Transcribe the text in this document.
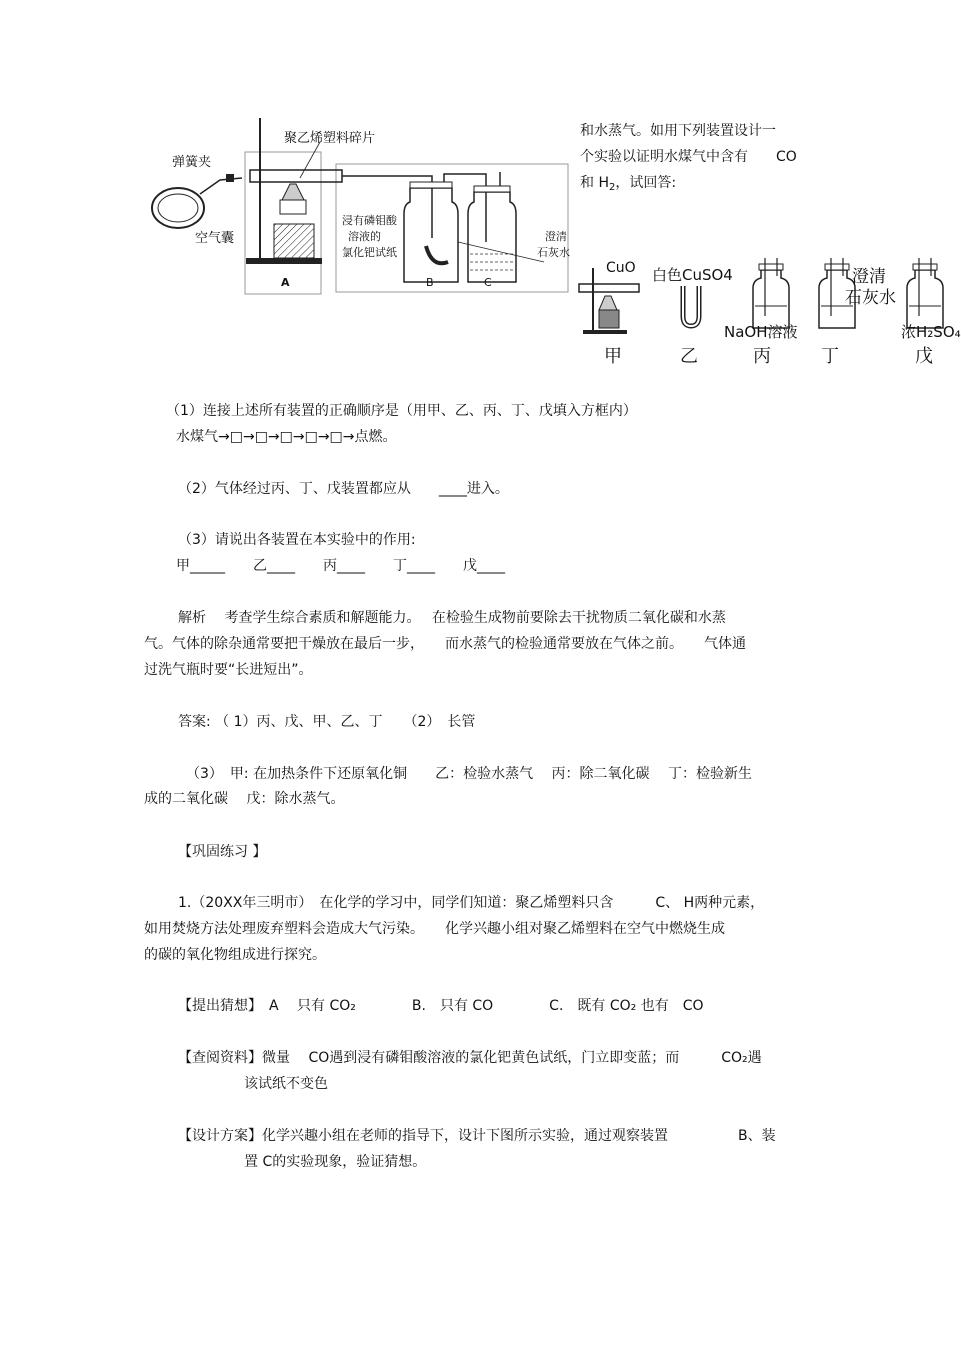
弹簧夹
空气囊
聚乙烯塑料碎片
浸有磷钼酸
溶液的
氯化钯试纸
澄清
石灰水
A	B	C
和水蒸气。如用下列装置设计一
个实验以证明水煤气中含有　　CO
和 $H_2$，试回答:
CuO 白色CuSO4
NaOH溶液
澄清
石灰水
浓H₂SO₄
甲	乙	丙	丁	戊
（1）连接上述所有装置的正确顺序是（用甲、乙、丙、丁、戊填入方框内）
水煤气→□→□→□→□→□→点燃。
（2）气体经过丙、丁、戊装置都应从　　____进入。
（3）请说出各装置在本实验中的作用:
甲_____　　乙____　　丙____　　丁____　　戊____
解析　 考查学生综合素质和解题能力。　 在检验生成物前要除去干扰物质二氧化碳和水蒸
气。气体的除杂通常要把干燥放在最后一步，　　而水蒸气的检验通常要放在气体之前。　　气体通
过洗气瓶时要“长进短出”。
答案: （ 1）丙、戊、甲、乙、丁　　（2）　长管
（3）　甲: 在加热条件下还原氧化铜　　乙：检验水蒸气　 丙：除二氧化碳　 丁：检验新生
成的二氧化碳　 戊：除水蒸气。
【巩固练习 】
1.（20XX年三明市）　在化学的学习中，同学们知道：聚乙烯塑料只含　　　C、 H两种元素，
如用焚烧方法处理废弃塑料会造成大气污染。　　化学兴趣小组对聚乙烯塑料在空气中燃烧生成
的碳的氧化物组成进行探究。
【提出猜想】　A　 只有 CO₂　　　　B.　只有 CO　　　　C.　既有 CO₂ 也有　CO
【查阅资料】微量　 CO遇到浸有磷钼酸溶液的氯化钯黄色试纸，门立即变蓝；而　　　CO₂遇
该试纸不变色
【设计方案】化学兴趣小组在老师的指导下，设计下图所示实验，通过观察装置　　　　　B、装
置 C的实验现象，验证猜想。
